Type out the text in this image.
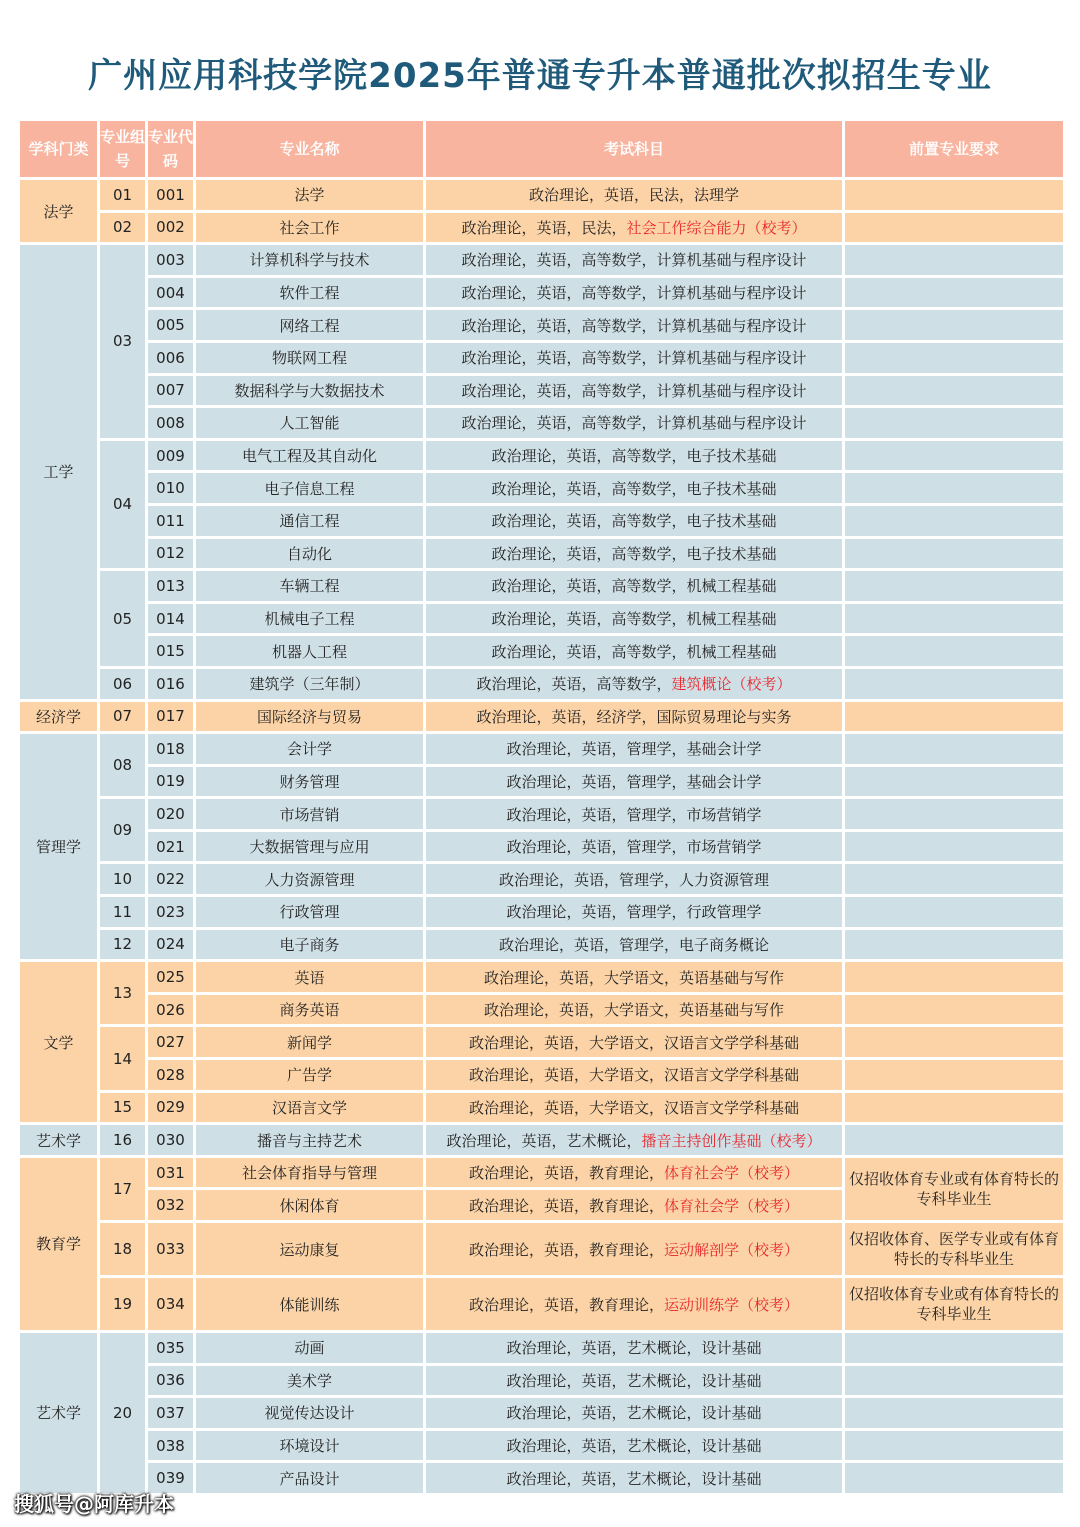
广州应用科技学院2025年普通专升本普通批次拟招生专业
学科门类	专业组号	专业代码	专业名称	考试科目	前置专业要求
法学	01	001	法学	政治理论，英语，民法，法理学	
	02	002	社会工作	政治理论，英语，民法，社会工作综合能力（校考）	
工学	03	003	计算机科学与技术	政治理论，英语，高等数学，计算机基础与程序设计	
		004	软件工程	政治理论，英语，高等数学，计算机基础与程序设计	
		005	网络工程	政治理论，英语，高等数学，计算机基础与程序设计	
		006	物联网工程	政治理论，英语，高等数学，计算机基础与程序设计	
		007	数据科学与大数据技术	政治理论，英语，高等数学，计算机基础与程序设计	
		008	人工智能	政治理论，英语，高等数学，计算机基础与程序设计	
	04	009	电气工程及其自动化	政治理论，英语，高等数学，电子技术基础	
		010	电子信息工程	政治理论，英语，高等数学，电子技术基础	
		011	通信工程	政治理论，英语，高等数学，电子技术基础	
		012	自动化	政治理论，英语，高等数学，电子技术基础	
	05	013	车辆工程	政治理论，英语，高等数学，机械工程基础	
		014	机械电子工程	政治理论，英语，高等数学，机械工程基础	
		015	机器人工程	政治理论，英语，高等数学，机械工程基础	
	06	016	建筑学（三年制）	政治理论，英语，高等数学，建筑概论（校考）	
经济学	07	017	国际经济与贸易	政治理论，英语，经济学，国际贸易理论与实务	
管理学	08	018	会计学	政治理论，英语，管理学，基础会计学	
		019	财务管理	政治理论，英语，管理学，基础会计学	
	09	020	市场营销	政治理论，英语，管理学，市场营销学	
		021	大数据管理与应用	政治理论，英语，管理学，市场营销学	
	10	022	人力资源管理	政治理论，英语，管理学，人力资源管理	
	11	023	行政管理	政治理论，英语，管理学，行政管理学	
	12	024	电子商务	政治理论，英语，管理学，电子商务概论	
文学	13	025	英语	政治理论，英语，大学语文，英语基础与写作	
		026	商务英语	政治理论，英语，大学语文，英语基础与写作	
	14	027	新闻学	政治理论，英语，大学语文，汉语言文学学科基础	
		028	广告学	政治理论，英语，大学语文，汉语言文学学科基础	
	15	029	汉语言文学	政治理论，英语，大学语文，汉语言文学学科基础	
艺术学	16	030	播音与主持艺术	政治理论，英语，艺术概论，播音主持创作基础（校考）	
教育学	17	031	社会体育指导与管理	政治理论，英语，教育理论，体育社会学（校考）	仅招收体育专业或有体育特长的专科毕业生
		032	休闲体育	政治理论，英语，教育理论，体育社会学（校考）	
	18	033	运动康复	政治理论，英语，教育理论，运动解剖学（校考）	仅招收体育、医学专业或有体育特长的专科毕业生
	19	034	体能训练	政治理论，英语，教育理论，运动训练学（校考）	仅招收体育专业或有体育特长的专科毕业生
艺术学	20	035	动画	政治理论，英语，艺术概论，设计基础	
		036	美术学	政治理论，英语，艺术概论，设计基础	
		037	视觉传达设计	政治理论，英语，艺术概论，设计基础	
		038	环境设计	政治理论，英语，艺术概论，设计基础	
		039	产品设计	政治理论，英语，艺术概论，设计基础	
搜狐号@阿库升本
